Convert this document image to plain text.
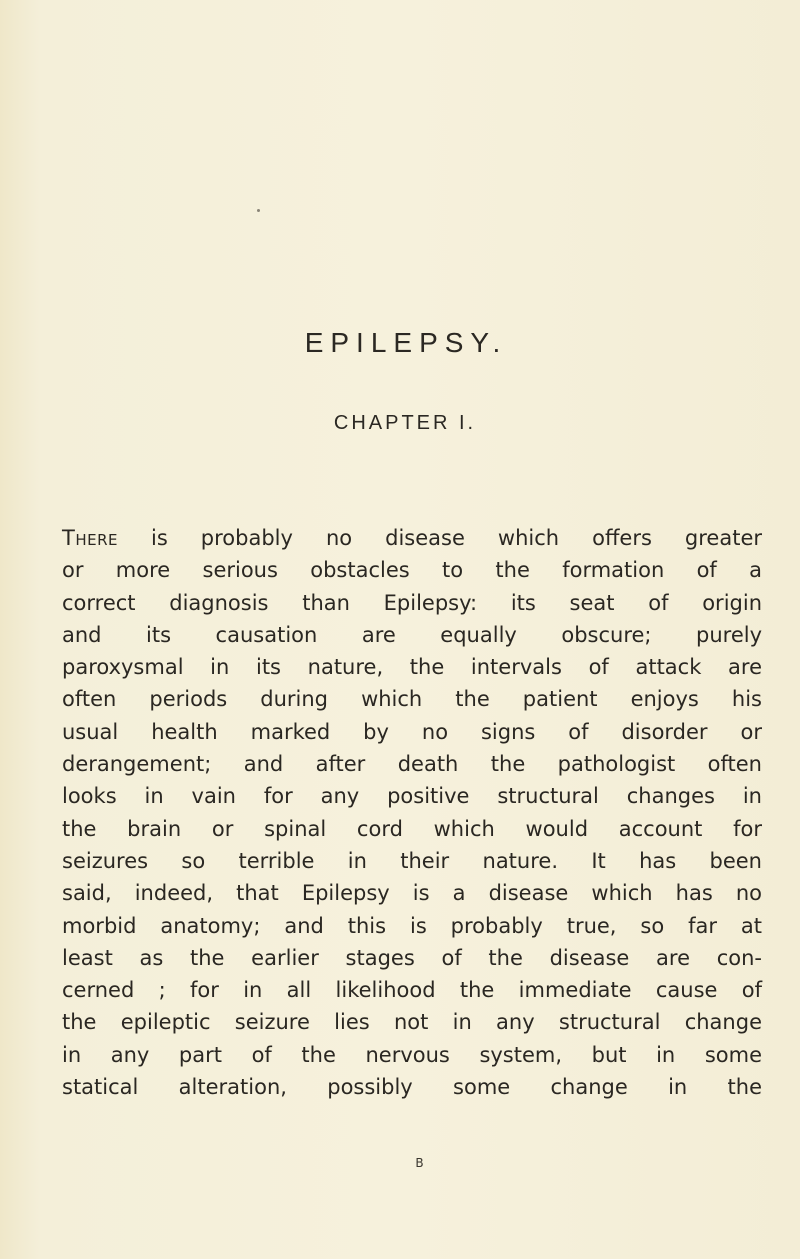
EPILEPSY.
CHAPTER I.
There is probably no disease which offers greater
or more serious obstacles to the formation of a
correct diagnosis than Epilepsy: its seat of origin
and its causation are equally obscure; purely
paroxysmal in its nature, the intervals of attack are
often periods during which the patient enjoys his
usual health marked by no signs of disorder or
derangement; and after death the pathologist often
looks in vain for any positive structural changes in
the brain or spinal cord which would account for
seizures so terrible in their nature. It has been
said, indeed, that Epilepsy is a disease which has no
morbid anatomy; and this is probably true, so far at
least as the earlier stages of the disease are con-
cerned ; for in all likelihood the immediate cause of
the epileptic seizure lies not in any structural change
in any part of the nervous system, but in some
statical alteration, possibly some change in the
B
